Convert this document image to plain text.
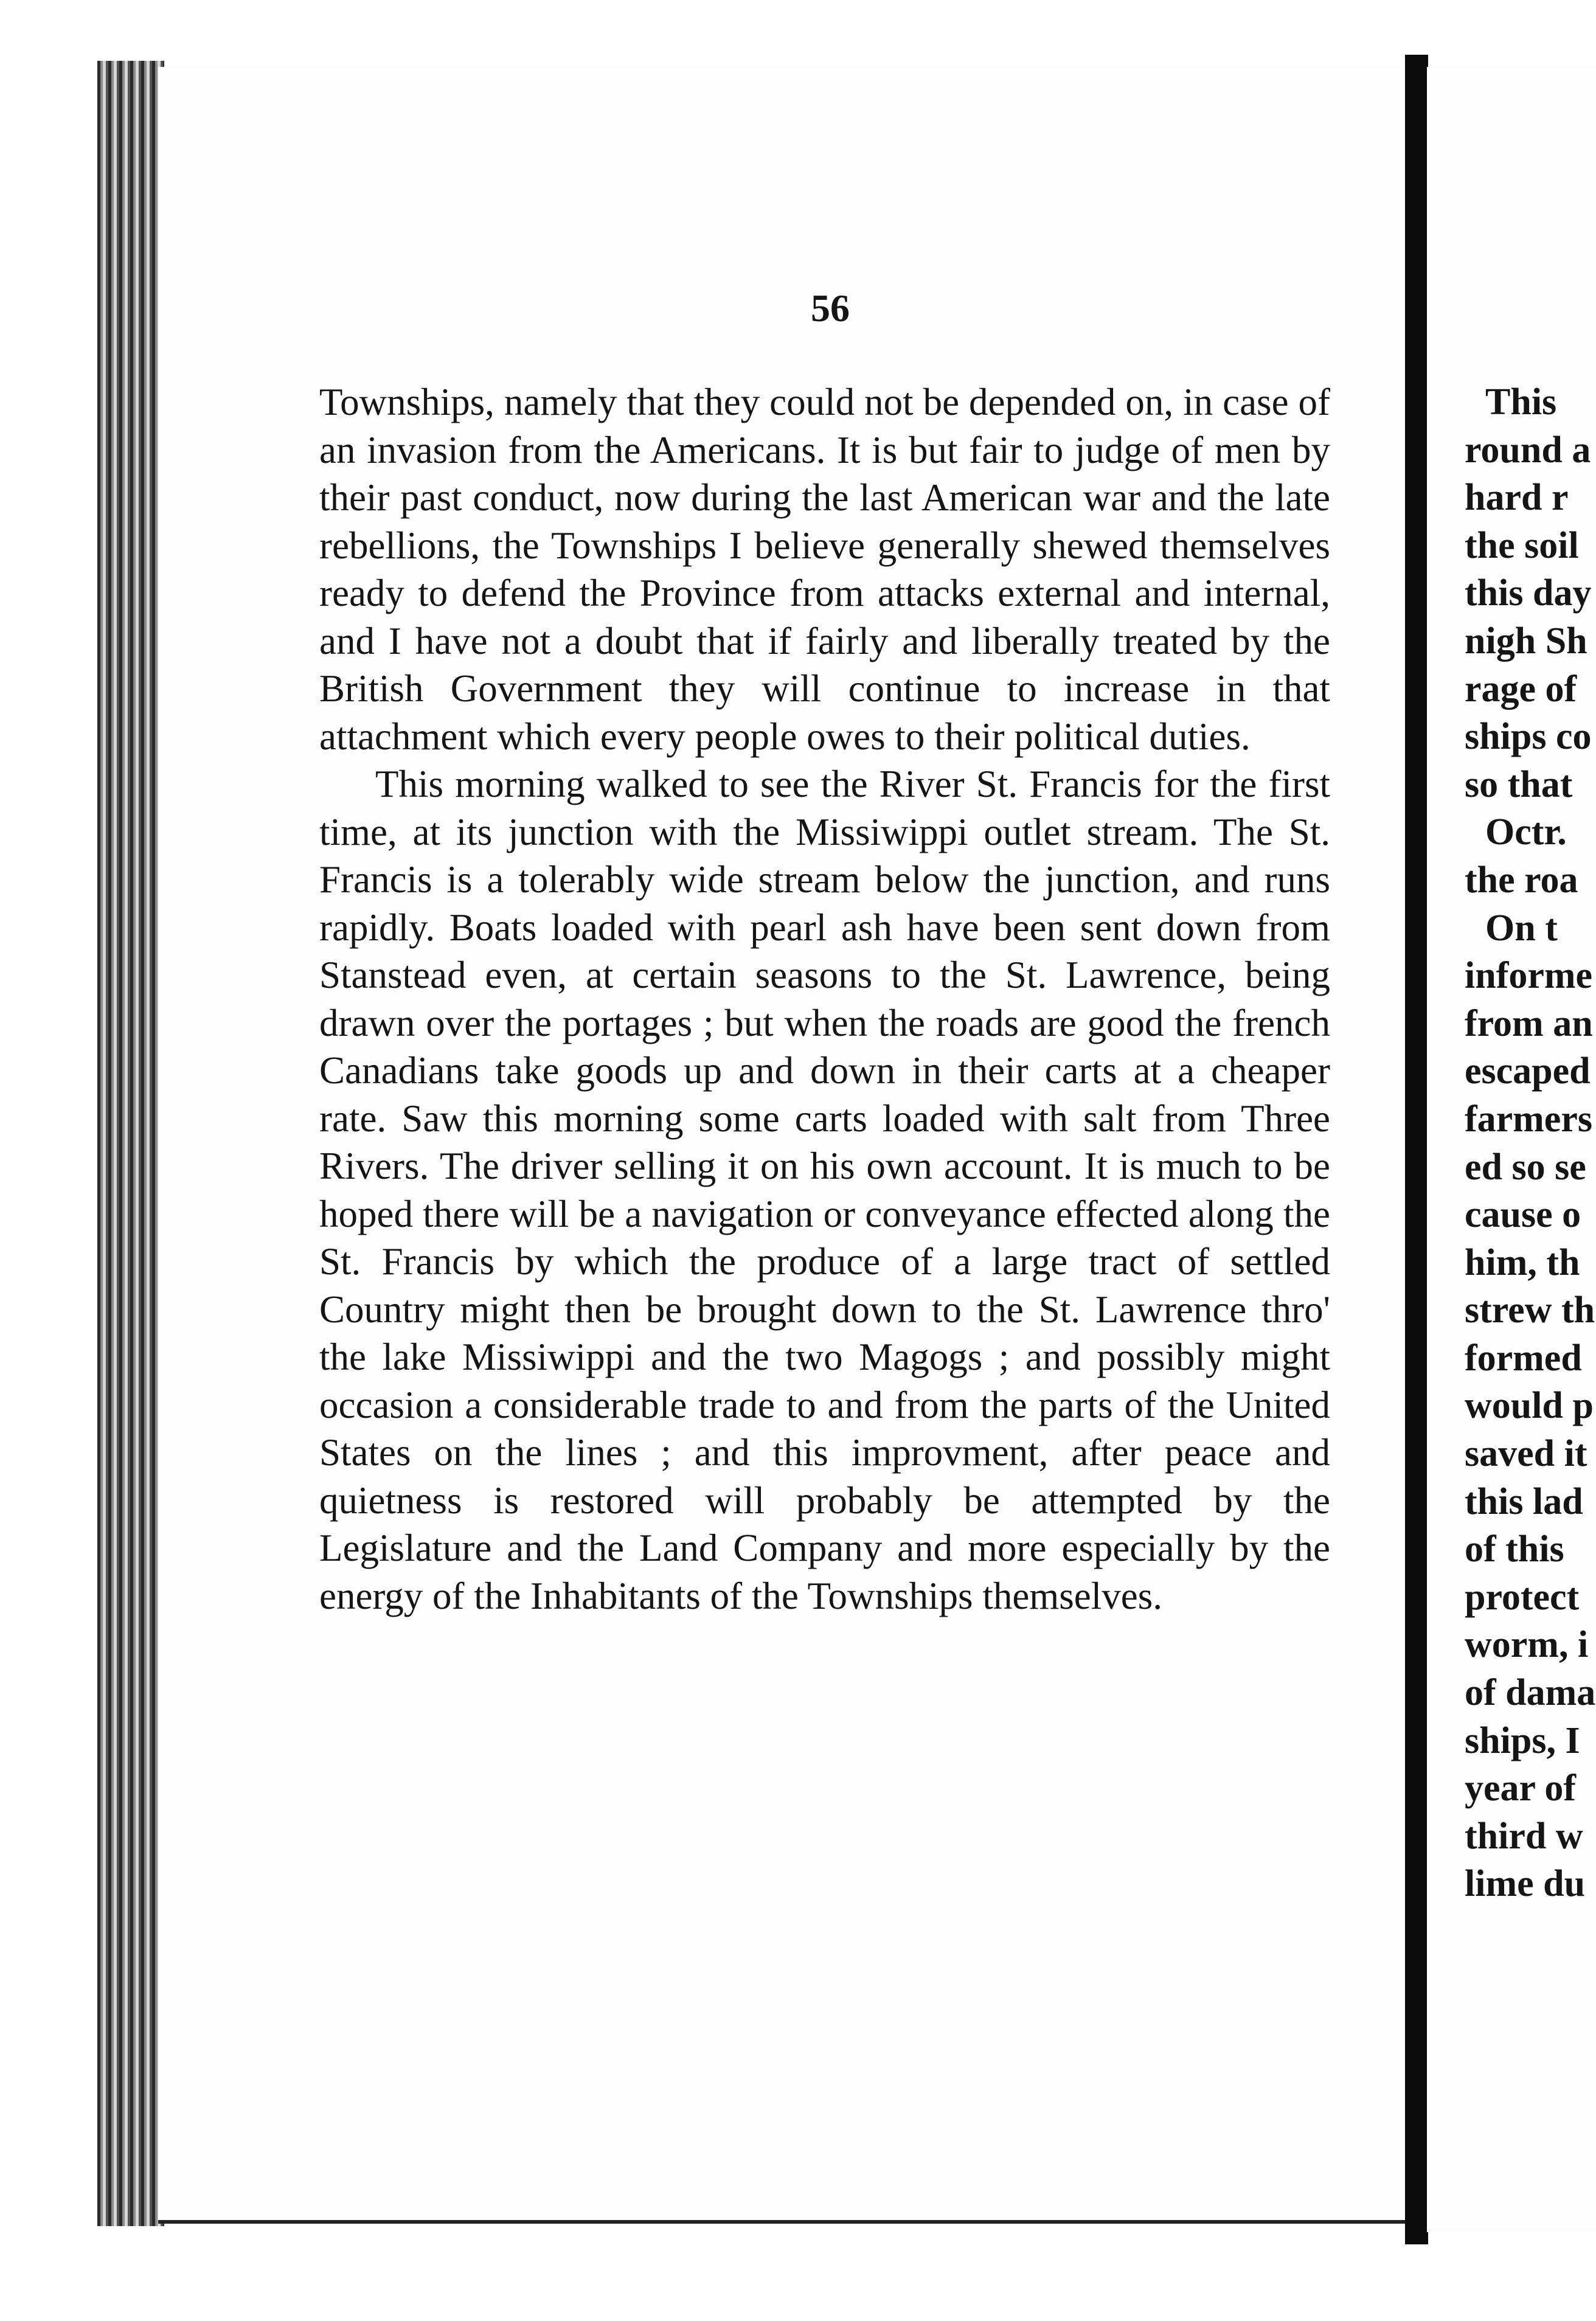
56

Townships, namely that they could not be depended on, in case of an invasion from the Americans. It is but fair to judge of men by their past conduct, now during the last American war and the late rebellions, the Townships I believe generally shewed themselves ready to defend the Province from attacks external and internal, and I have not a doubt that if fairly and liberally treated by the British Government they will continue to increase in that attachment which every people owes to their political duties.

This morning walked to see the River St. Francis for the first time, at its junction with the Missiwippi outlet stream. The St. Francis is a tolerably wide stream below the junction, and runs rapidly. Boats loaded with pearl ash have been sent down from Stanstead even, at certain seasons to the St. Lawrence, being drawn over the portages ; but when the roads are good the french Canadians take goods up and down in their carts at a cheaper rate. Saw this morning some carts loaded with salt from Three Rivers. The driver selling it on his own account. It is much to be hoped there will be a navigation or conveyance effected along the St. Francis by which the produce of a large tract of settled Country might then be brought down to the St. Lawrence thro' the lake Missiwippi and the two Magogs ; and possibly might occasion a considerable trade to and from the parts of the United States on the lines ; and this improvment, after peace and quietness is restored will probably be attempted by the Legislature and the Land Company and more especially by the energy of the Inhabitants of the Townships themselves.

This
round a
hard r
the soil
this day
nigh Sh
rage of
ships co
so that
Octr.
the roa
On t
informe
from an
escaped
farmers
ed so se
cause o
him, th
strew th
formed
would p
saved it
this lad
of this
protect
worm, i
of dama
ships, I
year of
third w
lime du
